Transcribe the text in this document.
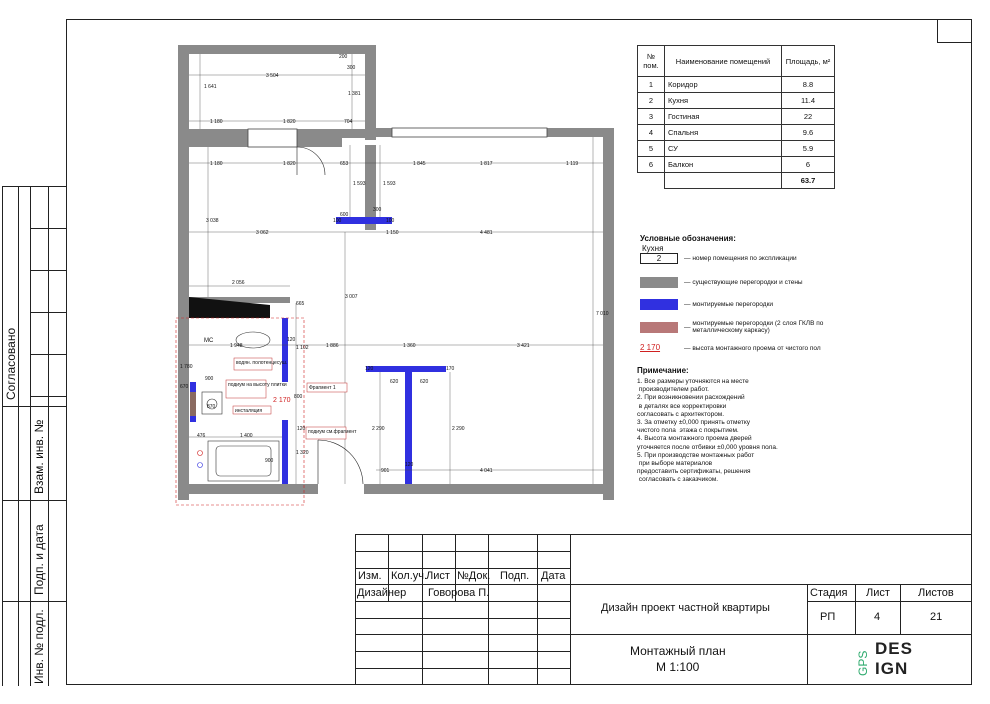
Согласовано
Взам. инв. №
Подп. и дата
Инв. № подл.
3 504
200
300
1 641
1 381
1 180	1 820	704
1 180	1 820	653	1 845	1 817	1 119
1 593	1 593
600
300
100	100
3 038
3 062	1 150	4 481
2 056
7 010
3 007
665
1 948
120
1 102	1 886	1 360	3 421
620	620
120	170
800
476	1 400
900
1 320
2 290	2 290
901	4 041
120
120
870
1 780
900
670
МС
водян. полотенцесуш.
подиум на высоту плитки
инсталяция
Фрагмент 1
подиум см.фрагмент
2 170
№ пом.	Наименование помещений	Площадь, м²
1	Коридор	8.8
2	Кухня	11.4
3	Гостиная	22
4	Спальня	9.6
5	СУ	5.9
6	Балкон	6
		63.7
Условные обозначения:
Кухня
2	— номер помещения по экспликации
— существующие перегородки и стены
— монтируемые перегородки
— монтируемые перегородки (2 слоя ГКЛВ по металлическому каркасу)
2 170	— высота монтажного проема от чистого пол
Примечание:
1. Все размеры уточняются на месте
производителем работ.
2. При возникновении расхождений
в деталях все корректировки
согласовать с архитектором.
3. За отметку ±0,000 принять отметку
чистого пола  этажа с покрытием.
4. Высота монтажного проема дверей
уточняется после отбивки ±0,000 уровня пола.
5. При производстве монтажных работ
при выборе материалов
предоставить сертификаты, решения
согласовать с заказчиком.
Изм. Кол.уч.
Лист №Док. Подп. Дата
Дизайнер Говорова П.
Дизайн проект частной квартиры
Стадия Лист	Листов
РП	4	21
Монтажный план
М 1:100	GPS
DES
IGN
